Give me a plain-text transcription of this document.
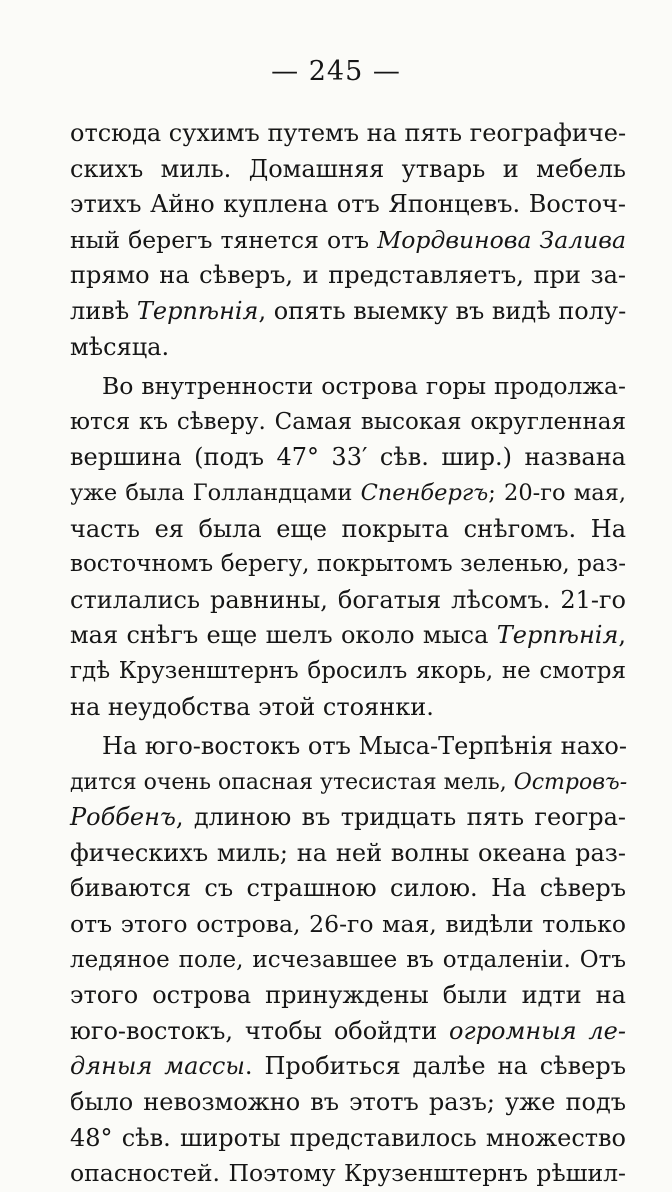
— 245 —
отсюда сухимъ путемъ на пять географиче-
скихъ миль. Домашняя утварь и мебель
этихъ Айно куплена отъ Японцевъ. Восточ-
ный берегъ тянется отъ Мордвинова Залива
прямо на сѣверъ, и представляетъ, при за-
ливѣ Терпѣнія, опять выемку въ видѣ полу-
мѣсяца.
Во внутренности острова горы продолжа-
ются къ сѣверу. Самая высокая округленная
вершина (подъ 47° 33′ сѣв. шир.) названа
уже была Голландцами Спенбергъ; 20-го мая,
часть ея была еще покрыта снѣгомъ. На
восточномъ берегу, покрытомъ зеленью, раз-
стилались равнины, богатыя лѣсомъ. 21-го
мая снѣгъ еще шелъ около мыса Терпѣнія,
гдѣ Крузенштернъ бросилъ якорь, не смотря
на неудобства этой стоянки.
На юго-востокъ отъ Мыса-Терпѣнія нахо-
дится очень опасная утесистая мель, Островъ-
Роббенъ, длиною въ тридцать пять геогра-
фическихъ миль; на ней волны океана раз-
биваются съ страшною силою. На сѣверъ
отъ этого острова, 26-го мая, видѣли только
ледяное поле, исчезавшее въ отдаленіи. Отъ
этого острова принуждены были идти на
юго-востокъ, чтобы обойдти огромныя ле-
дяныя массы. Пробиться далѣе на сѣверъ
было невозможно въ этотъ разъ; уже подъ
48° сѣв. широты представилось множество
опасностей. Поэтому Крузенштернъ рѣшил-
